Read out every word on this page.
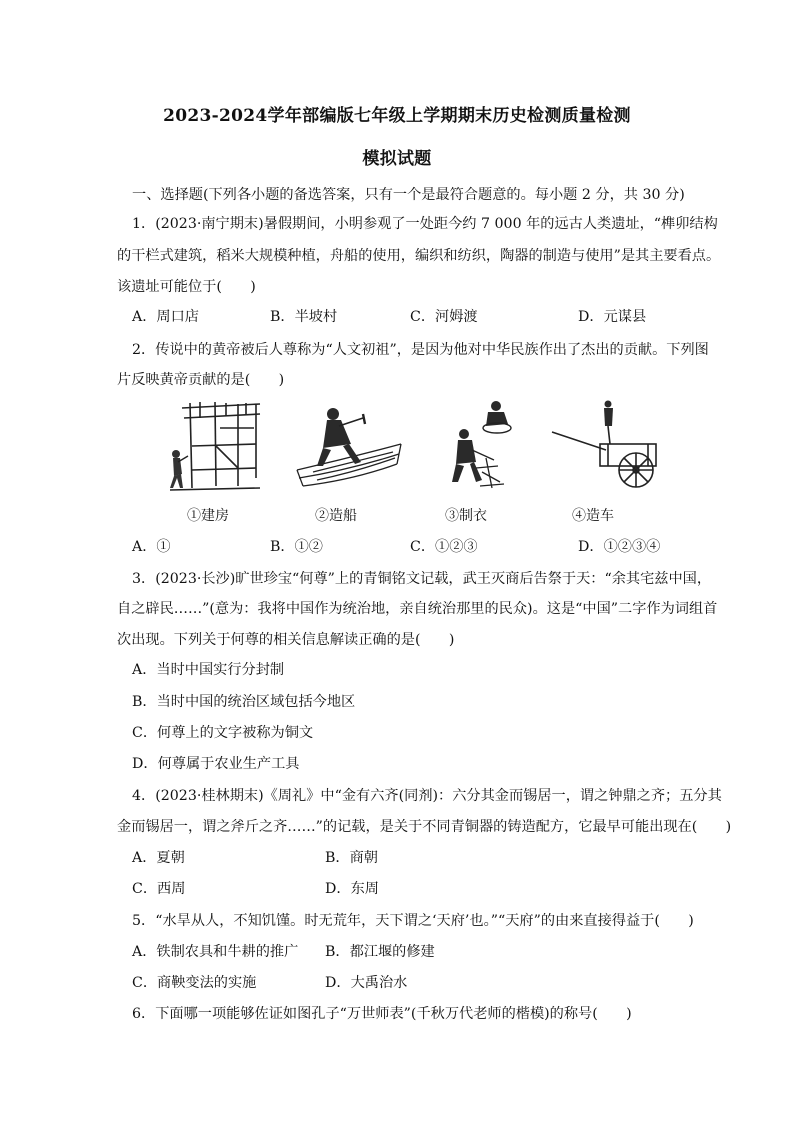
2023-2024学年部编版七年级上学期期末历史检测质量检测
模拟试题
一、选择题(下列各小题的备选答案，只有一个是最符合题意的。每小题 2 分，共 30 分)
1．(2023·南宁期末)暑假期间，小明参观了一处距今约 7 000 年的远古人类遗址，“榫卯结构
的干栏式建筑，稻米大规模种植，舟船的使用，编织和纺织，陶器的制造与使用”是其主要看点。
该遗址可能位于(　　)
A．周口店	B．半坡村	C．河姆渡	D．元谋县
2．传说中的黄帝被后人尊称为“人文初祖”，是因为他对中华民族作出了杰出的贡献。下列图
片反映黄帝贡献的是(　　)
①建房	②造船	③制衣	④造车
A．①	B．①②	C．①②③	D．①②③④
3．(2023·长沙)旷世珍宝“何尊”上的青铜铭文记载，武王灭商后告祭于天：“余其宅兹中国，
自之辟民……”(意为：我将中国作为统治地，亲自统治那里的民众)。这是“中国”二字作为词组首
次出现。下列关于何尊的相关信息解读正确的是(　　)
A．当时中国实行分封制
B．当时中国的统治区域包括今地区
C．何尊上的文字被称为铜文
D．何尊属于农业生产工具
4．(2023·桂林期末)《周礼》中“金有六齐(同剂)：六分其金而锡居一，谓之钟鼎之齐；五分其
金而锡居一，谓之斧斤之齐……”的记载，是关于不同青铜器的铸造配方，它最早可能出现在(　　)
A．夏朝	B．商朝
C．西周	D．东周
5．“水旱从人，不知饥馑。时无荒年，天下谓之‘天府’也。”“天府”的由来直接得益于(　　)
A．铁制农具和牛耕的推广 B．都江堰的修建
C．商鞅变法的实施	D．大禹治水
6．下面哪一项能够佐证如图孔子“万世师表”(千秋万代老师的楷模)的称号(　　)
